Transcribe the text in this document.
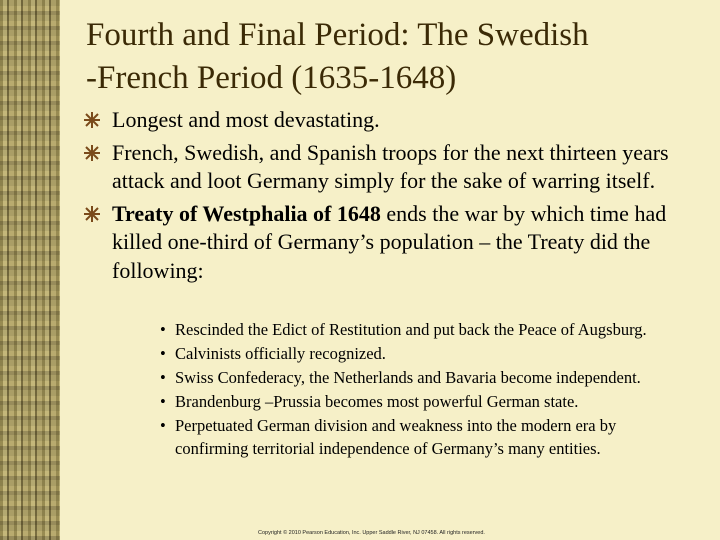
Fourth and Final Period: The Swedish
-French Period (1635-1648)
Longest and most devastating.
French, Swedish, and Spanish troops for the next thirteen years attack and loot Germany simply for the sake of warring itself.
Treaty of Westphalia of 1648 ends the war by which time had killed one-third of Germany’s population – the Treaty did the following:
• Rescinded the Edict of Restitution and put back the Peace of Augsburg.
• Calvinists officially recognized.
• Swiss Confederacy, the Netherlands and Bavaria become independent.
• Brandenburg –Prussia becomes most powerful German state.
• Perpetuated German division and weakness into the modern era by confirming territorial independence of Germany’s many entities.
Copyright © 2010 Pearson Education, Inc. Upper Saddle River, NJ 07458. All rights reserved.
